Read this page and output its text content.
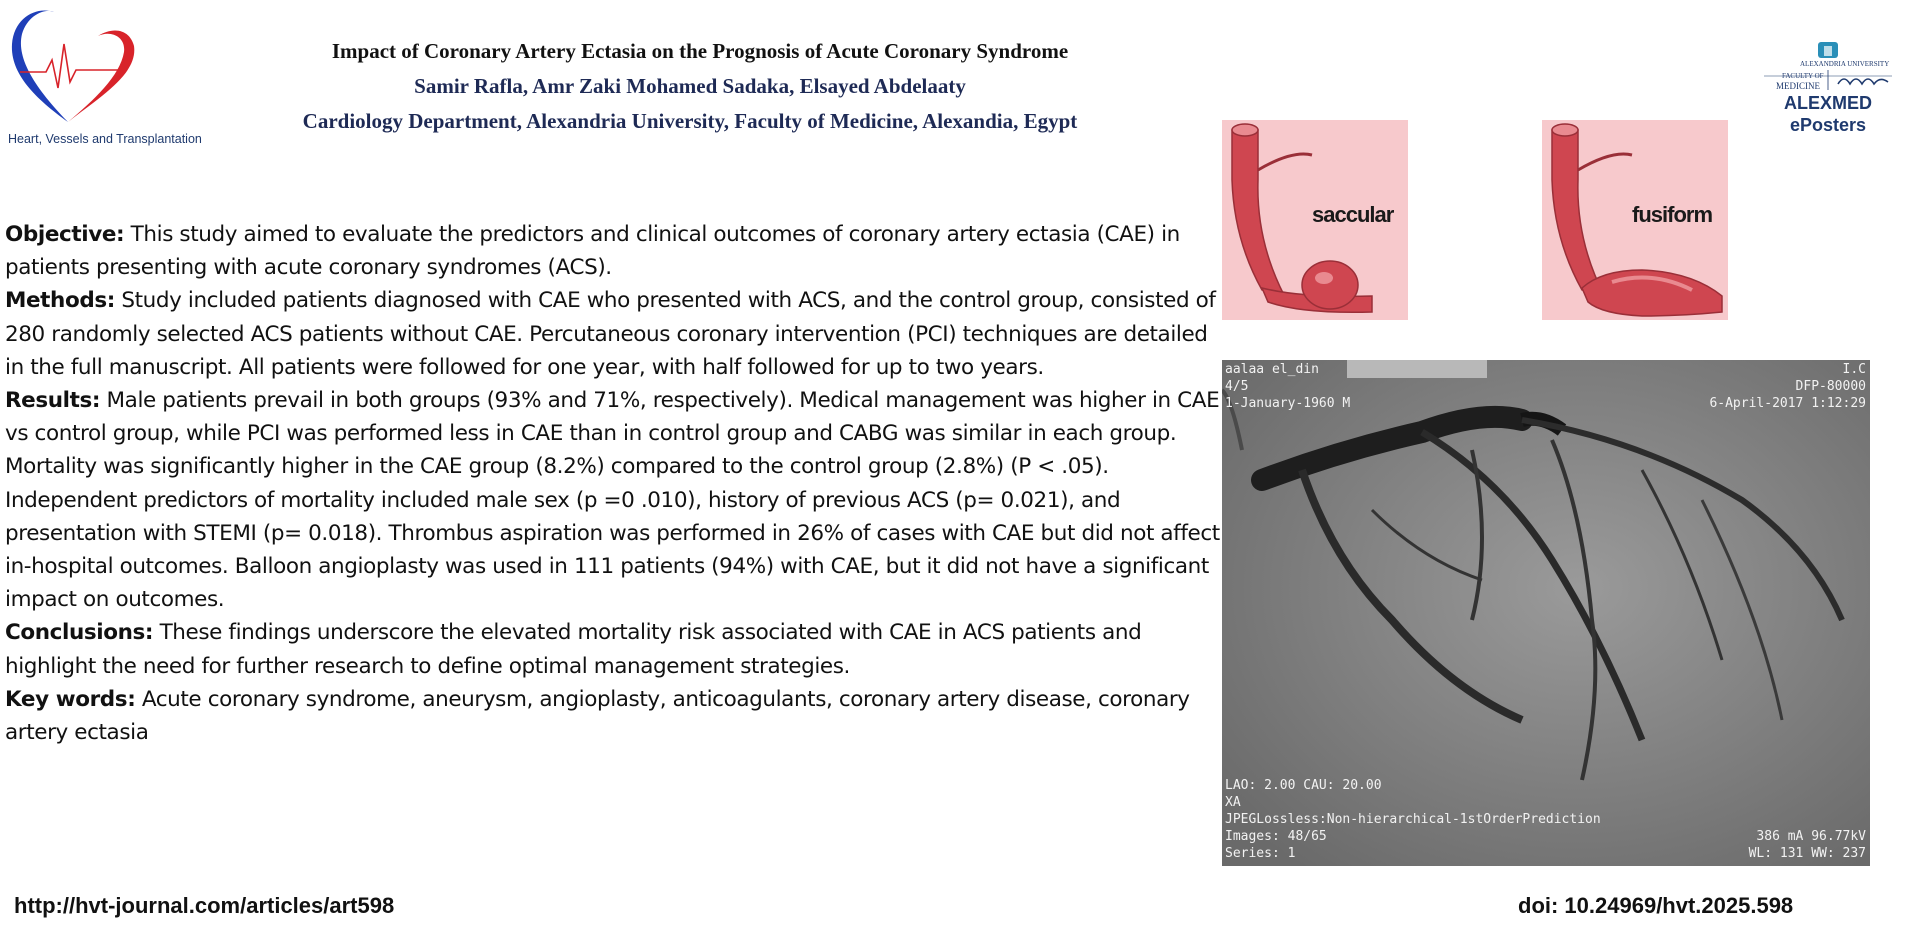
Heart, Vessels and Transplantation
Impact of Coronary Artery Ectasia on the Prognosis of Acute Coronary Syndrome
Samir Rafla, Amr Zaki Mohamed Sadaka, Elsayed Abdelaaty
Cardiology Department, Alexandria University, Faculty of Medicine, Alexandia, Egypt
ALEXANDRIA UNIVERSITY
FACULTY OF
MEDICINE
ALEXMED
ePosters

Objective: This study aimed to evaluate the predictors and clinical outcomes of coronary artery ectasia (CAE) in patients presenting with acute coronary syndromes (ACS).

Methods: Study included patients diagnosed with CAE who presented with ACS, and the control group, consisted of 280 randomly selected ACS patients without CAE. Percutaneous coronary intervention (PCI) techniques are detailed in the full manuscript. All patients were followed for one year, with half followed for up to two years.

Results: Male patients prevail in both groups (93% and 71%, respectively). Medical management was higher in CAE vs control group, while PCI was performed less in CAE than in control group and CABG was similar in each group.

Mortality was significantly higher in the CAE group (8.2%) compared to the control group (2.8%) (P < .05). Independent predictors of mortality included male sex (p =0 .010), history of previous ACS (p= 0.021), and presentation with STEMI (p= 0.018). Thrombus aspiration was performed in 26% of cases with CAE but did not affect in-hospital outcomes. Balloon angioplasty was used in 111 patients (94%) with CAE, but it did not have a significant impact on outcomes.

Conclusions: These findings underscore the elevated mortality risk associated with CAE in ACS patients and highlight the need for further research to define optimal management strategies.

Key words: Acute coronary syndrome, aneurysm, angioplasty, anticoagulants, coronary artery disease, coronary artery ectasia

saccular	fusiform
aalaa el_din
4/5
1-January-1960 M
I.C
DFP-80000
6-April-2017 1:12:29
LAO: 2.00 CAU: 20.00
XA
JPEGLossless:Non-hierarchical-1stOrderPrediction
Images: 48/65
Series: 1
386 mA 96.77kV
WL: 131 WW: 237
http://hvt-journal.com/articles/art598	doi: 10.24969/hvt.2025.598
